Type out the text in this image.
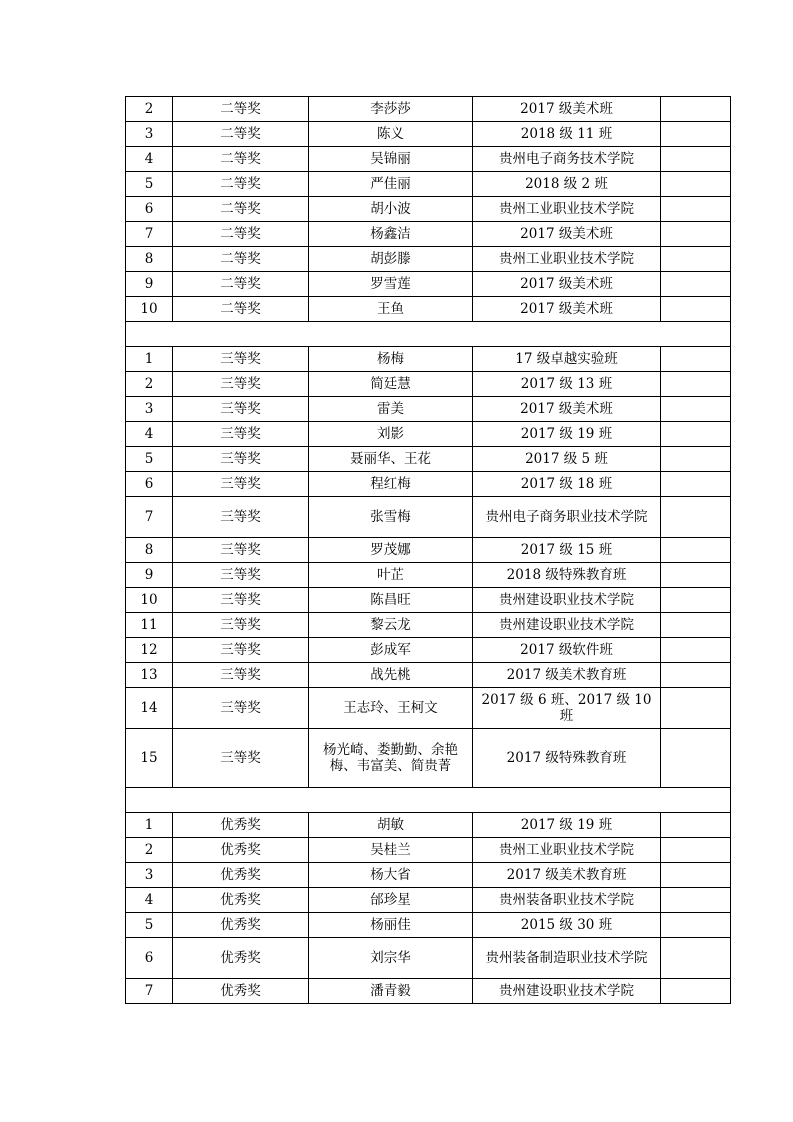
2	二等奖	李莎莎	2017 级美术班	
3	二等奖	陈义	2018 级 11 班	
4	二等奖	吴锦丽	贵州电子商务技术学院	
5	二等奖	严佳丽	2018 级 2 班	
6	二等奖	胡小波	贵州工业职业技术学院	
7	二等奖	杨鑫洁	2017 级美术班	
8	二等奖	胡彭滕	贵州工业职业技术学院	
9	二等奖	罗雪莲	2017 级美术班	
10	二等奖	王鱼	2017 级美术班	

1	三等奖	杨梅	17 级卓越实验班	
2	三等奖	简廷慧	2017 级 13 班	
3	三等奖	雷美	2017 级美术班	
4	三等奖	刘影	2017 级 19 班	
5	三等奖	聂丽华、王花	2017 级 5 班	
6	三等奖	程红梅	2017 级 18 班	
7	三等奖	张雪梅	贵州电子商务职业技术学院	
8	三等奖	罗茂娜	2017 级 15 班	
9	三等奖	叶芷	2018 级特殊教育班	
10	三等奖	陈昌旺	贵州建设职业技术学院	
11	三等奖	黎云龙	贵州建设职业技术学院	
12	三等奖	彭成军	2017 级软件班	
13	三等奖	战先桃	2017 级美术教育班	
14	三等奖	王志玲、王柯文	2017 级 6 班、2017 级 10 班	
15	三等奖	杨光崎、娄勤勤、余艳梅、韦富美、简贵菁	2017 级特殊教育班	

1	优秀奖	胡敏	2017 级 19 班	
2	优秀奖	吴桂兰	贵州工业职业技术学院	
3	优秀奖	杨大省	2017 级美术教育班	
4	优秀奖	邰珍星	贵州装备职业技术学院	
5	优秀奖	杨丽佳	2015 级 30 班	
6	优秀奖	刘宗华	贵州装备制造职业技术学院	
7	优秀奖	潘青毅	贵州建设职业技术学院	
